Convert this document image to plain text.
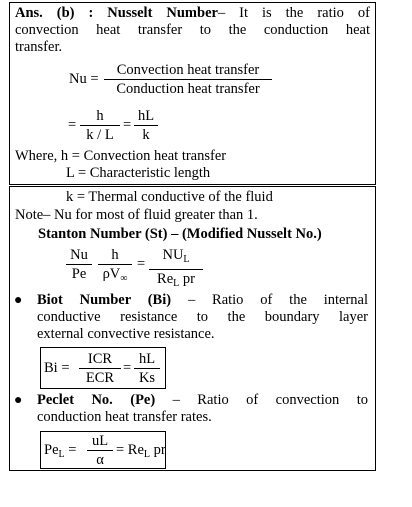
Ans. (b) : Nusselt Number– It is the ratio of
convection heat transfer to the conduction heat
transfer.
Nu =
Convection heat transfer
Conduction heat transfer
= $\frac{h}{k / L} = \frac{hL}{k}$
Where, h = Convection heat transfer
L = Characteristic length
k = Thermal conductive of the fluid
Note– Nu for most of fluid greater than 1.
Stanton Number (St) – (Modified Nusselt No.)
$\frac{Nu}{Pe} \frac{h}{\rho V_\infty}$ =
$NU_L$
$Re_L$ pr
● Biot Number (Bi) – Ratio of the internal
conductive resistance to the boundary layer
external convective resistance.
Bi =
ICR
ECR
= $\frac{hL}{Ks}$
● Peclet No. (Pe) – Ratio of convection to
conduction heat transfer rates.
$Pe_L = \frac{uL}{\alpha} = Re_L$ pr
